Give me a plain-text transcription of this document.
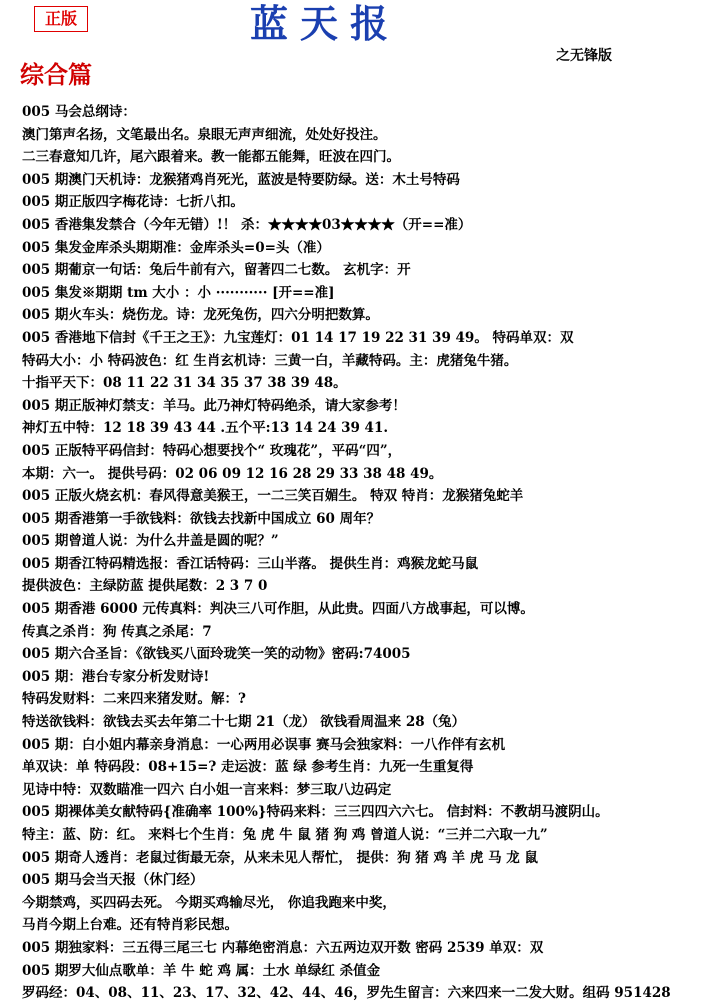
正版	蓝天报
之无锋版
综合篇
005 马会总纲诗：
澳门第声名扬，文笔最出名。泉眼无声声细流，处处好投注。
二三春意知几许，尾六跟着来。教一能都五能舞，旺波在四门。
005 期澳门天机诗：龙猴猪鸡肖死光，蓝波是特要防绿。送：木土号特码
005 期正版四字梅花诗：七折八扣。
005 香港集发禁合（今年无错）!！ 杀：★★★★03★★★★（开==准）
005 集发金库杀头期期准：金库杀头=0=头（准）
005 期葡京一句话：兔后牛前有六，留著四二七数。 玄机字：开
005 集发※期期 tm 大小 ：小 ··········· [开==准]
005 期火车头：烧伤龙。诗：龙死兔伤，四六分明把数算。
005 香港地下信封《千王之王》：九宝莲灯：01 14 17 19 22 31 39 49。 特码单双：双
特码大小：小 特码波色：红 生肖玄机诗：三黄一白，羊藏特码。主：虎猪兔牛猪。
十指平天下：08 11 22 31 34 35 37 38 39 48。
005 期正版神灯禁支：羊马。此乃神灯特码绝杀，请大家参考！
神灯五中特：12 18 39 43 44 .五个平:13 14 24 39 41.
005 正版特平码信封：特码心想要找个“ 玫瑰花”，平码“四”，
本期：六一。 提供号码：02 06 09 12 16 28 29 33 38 48 49。
005 正版火烧玄机：春风得意美猴王，一二三笑百媚生。 特双 特肖：龙猴猪兔蛇羊
005 期香港第一手欲钱料：欲钱去找新中国成立 60 周年？
005 期曾道人说：为什么井盖是圆的呢？”
005 期香江特码精选报：香江话特码：三山半落。 提供生肖：鸡猴龙蛇马鼠
提供波色：主绿防蓝 提供尾数：2 3 7 0
005 期香港 6000 元传真料：判决三八可作胆，从此贵。四面八方战事起，可以博。
传真之杀肖：狗 传真之杀尾：7
005 期六合圣旨：《欲钱买八面玲珑笑一笑的动物》密码:74005
005 期：港台专家分析发财诗!
特码发财料：二来四来猪发财。解：?
特送欲钱料：欲钱去买去年第二十七期 21（龙） 欲钱看周温来 28（兔）
005 期：白小姐内幕亲身消息：一心两用必误事 赛马会独家料：一八作伴有玄机
单双诀：单 特码段：08+15=? 走运波：蓝 绿 参考生肖：九死一生重复得
见诗中特：双数瞄准一四六 白小姐一言来料：梦三取八边码定
005 期裸体美女献特码{准确率 100%}特码来料：三三四四六六七。 信封料：不教胡马渡阴山。
特主：蓝、防：红。 来料七个生肖：兔 虎 牛 鼠 猪 狗 鸡 曾道人说：“三并二六取一九”
005 期奇人透肖：老鼠过街最无奈，从来未见人帮忙， 提供：狗 猪 鸡 羊 虎 马 龙 鼠
005 期马会当天报（休门经）
今期禁鸡，买四码去死。 今期买鸡输尽光， 你追我跑来中奖，
马肖今期上台难。还有特肖彩民想。
005 期独家料：三五得三尾三七 内幕绝密消息：六五两边双开数 密码 2539 单双：双
005 期罗大仙点歌单：羊 牛 蛇 鸡 属：土水 单绿红 杀值金
罗码经：04、08、11、23、17、32、42、44、46，罗先生留言：六来四来一二发大财。组码 951428
